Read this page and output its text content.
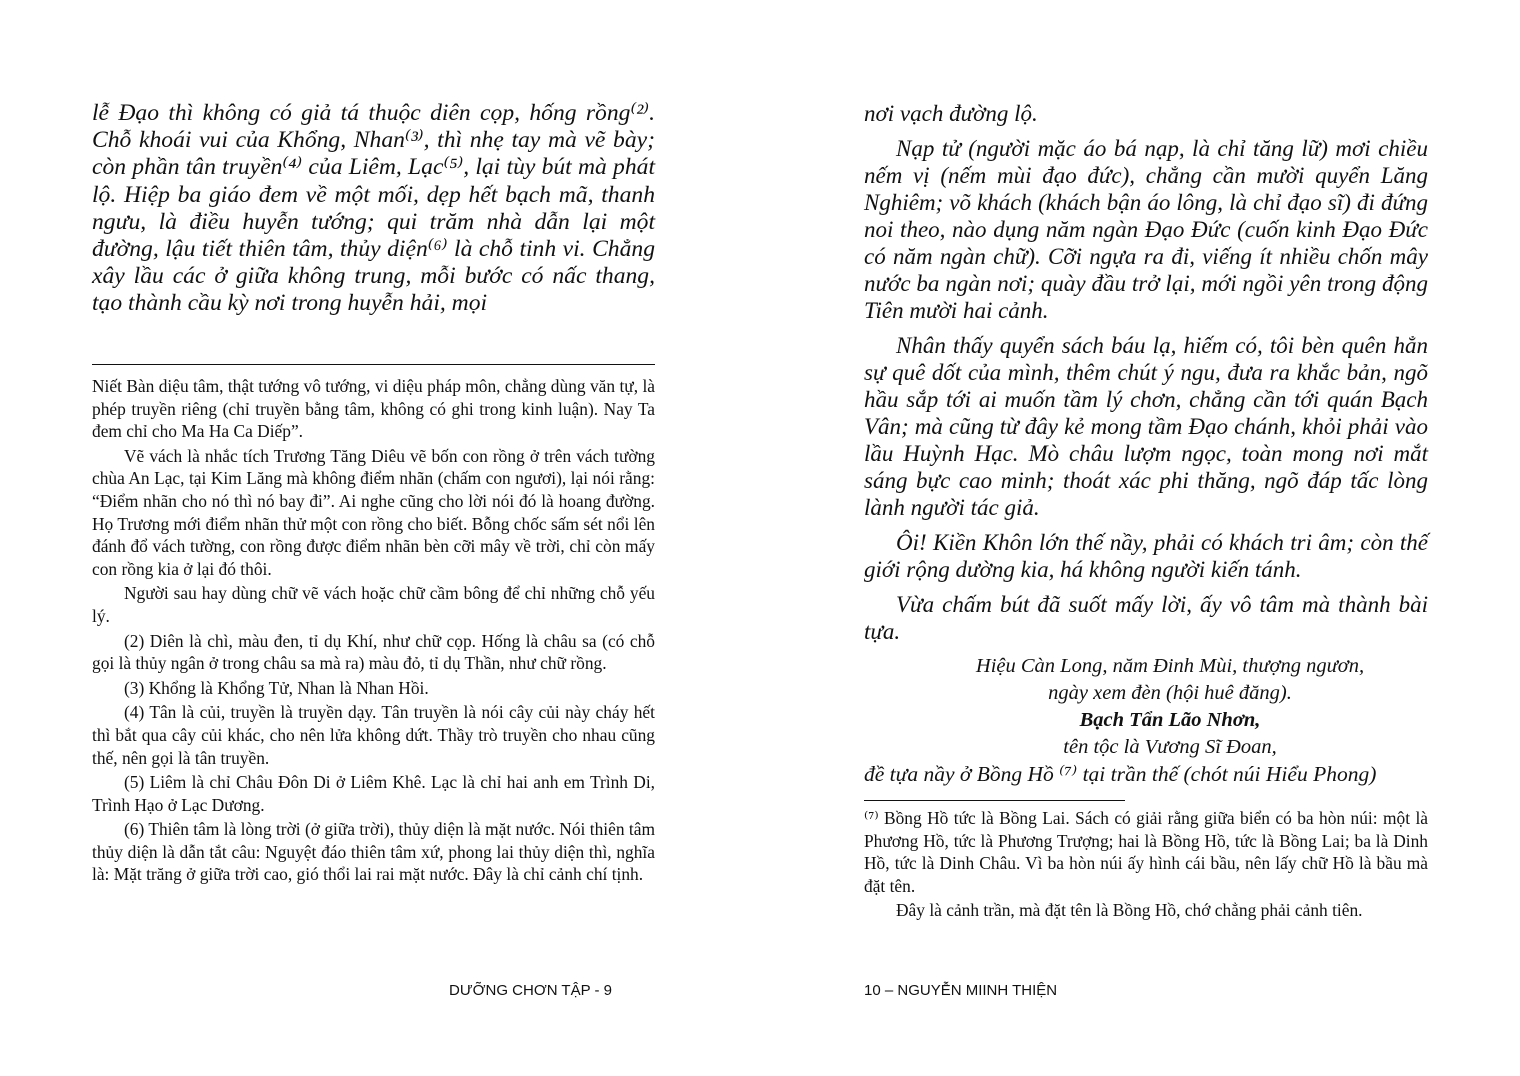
lễ Đạo thì không có giả tá thuộc diên cọp, hống rồng⁽²⁾. Chỗ khoái vui của Khổng, Nhan⁽³⁾, thì nhẹ tay mà vẽ bày; còn phần tân truyền⁽⁴⁾ của Liêm, Lạc⁽⁵⁾, lại tùy bút mà phát lộ. Hiệp ba giáo đem về một mối, dẹp hết bạch mã, thanh ngưu, là điều huyễn tướng; qui trăm nhà dẫn lại một đường, lậu tiết thiên tâm, thủy diện⁽⁶⁾ là chỗ tinh vi. Chẳng xây lầu các ở giữa không trung, mỗi bước có nấc thang, tạo thành cầu kỳ nơi trong huyễn hải, mọi

Niết Bàn diệu tâm, thật tướng vô tướng, vi diệu pháp môn, chẳng dùng văn tự, là phép truyền riêng (chỉ truyền bằng tâm, không có ghi trong kinh luận). Nay Ta đem chỉ cho Ma Ha Ca Diếp”.

Vẽ vách là nhắc tích Trương Tăng Diêu vẽ bốn con rồng ở trên vách tường chùa An Lạc, tại Kim Lăng mà không điểm nhãn (chấm con ngươi), lại nói rằng: “Điểm nhãn cho nó thì nó bay đi”. Ai nghe cũng cho lời nói đó là hoang đường. Họ Trương mới điểm nhãn thử một con rồng cho biết. Bỗng chốc sấm sét nổi lên đánh đổ vách tường, con rồng được điểm nhãn bèn cỡi mây về trời, chỉ còn mấy con rồng kia ở lại đó thôi.

Người sau hay dùng chữ vẽ vách hoặc chữ cầm bông để chỉ những chỗ yếu lý.

(2) Diên là chì, màu đen, tỉ dụ Khí, như chữ cọp. Hống là châu sa (có chỗ gọi là thủy ngân ở trong châu sa mà ra) màu đỏ, tỉ dụ Thần, như chữ rồng.

(3) Khổng là Khổng Tử, Nhan là Nhan Hồi.

(4) Tân là củi, truyền là truyền dạy. Tân truyền là nói cây củi này cháy hết thì bắt qua cây củi khác, cho nên lửa không dứt. Thầy trò truyền cho nhau cũng thế, nên gọi là tân truyền.

(5) Liêm là chỉ Châu Đôn Di ở Liêm Khê. Lạc là chỉ hai anh em Trình Di, Trình Hạo ở Lạc Dương.

(6) Thiên tâm là lòng trời (ở giữa trời), thủy diện là mặt nước. Nói thiên tâm thủy diện là dẫn tắt câu: Nguyệt đáo thiên tâm xứ, phong lai thủy diện thì, nghĩa là: Mặt trăng ở giữa trời cao, gió thổi lai rai mặt nước. Đây là chỉ cảnh chí tịnh.

DƯỠNG CHƠN TẬP - 9

nơi vạch đường lộ.

Nạp tử (người mặc áo bá nạp, là chỉ tăng lữ) mơi chiều nếm vị (nếm mùi đạo đức), chẳng cần mười quyển Lăng Nghiêm; võ khách (khách bận áo lông, là chỉ đạo sĩ) đi đứng noi theo, nào dụng năm ngàn Đạo Đức (cuốn kinh Đạo Đức có năm ngàn chữ). Cỡi ngựa ra đi, viếng ít nhiều chốn mây nước ba ngàn nơi; quày đầu trở lại, mới ngồi yên trong động Tiên mười hai cảnh.

Nhân thấy quyển sách báu lạ, hiếm có, tôi bèn quên hẳn sự quê dốt của mình, thêm chút ý ngu, đưa ra khắc bản, ngõ hầu sắp tới ai muốn tầm lý chơn, chẳng cần tới quán Bạch Vân; mà cũng từ đây kẻ mong tầm Đạo chánh, khỏi phải vào lầu Huỳnh Hạc. Mò châu lượm ngọc, toàn mong nơi mắt sáng bực cao minh; thoát xác phi thăng, ngõ đáp tấc lòng lành người tác giả.

Ôi! Kiền Khôn lớn thế nầy, phải có khách tri âm; còn thế giới rộng dường kia, há không người kiến tánh.

Vừa chấm bút đã suốt mấy lời, ấy vô tâm mà thành bài tựa.

Hiệu Càn Long, năm Đinh Mùi, thượng ngươn,

ngày xem đèn (hội huê đăng).

Bạch Tẩn Lão Nhơn,

tên tộc là Vương Sĩ Đoan,

đề tựa nầy ở Bồng Hồ ⁽⁷⁾ tại trần thế (chót núi Hiểu Phong)

⁽⁷⁾ Bồng Hồ tức là Bồng Lai. Sách có giải rằng giữa biển có ba hòn núi: một là Phương Hồ, tức là Phương Trượng; hai là Bồng Hồ, tức là Bồng Lai; ba là Dinh Hồ, tức là Dinh Châu. Vì ba hòn núi ấy hình cái bầu, nên lấy chữ Hồ là bầu mà đặt tên.

Đây là cảnh trần, mà đặt tên là Bồng Hồ, chớ chẳng phải cảnh tiên.

10 – NGUYỄN MIINH THIỆN
